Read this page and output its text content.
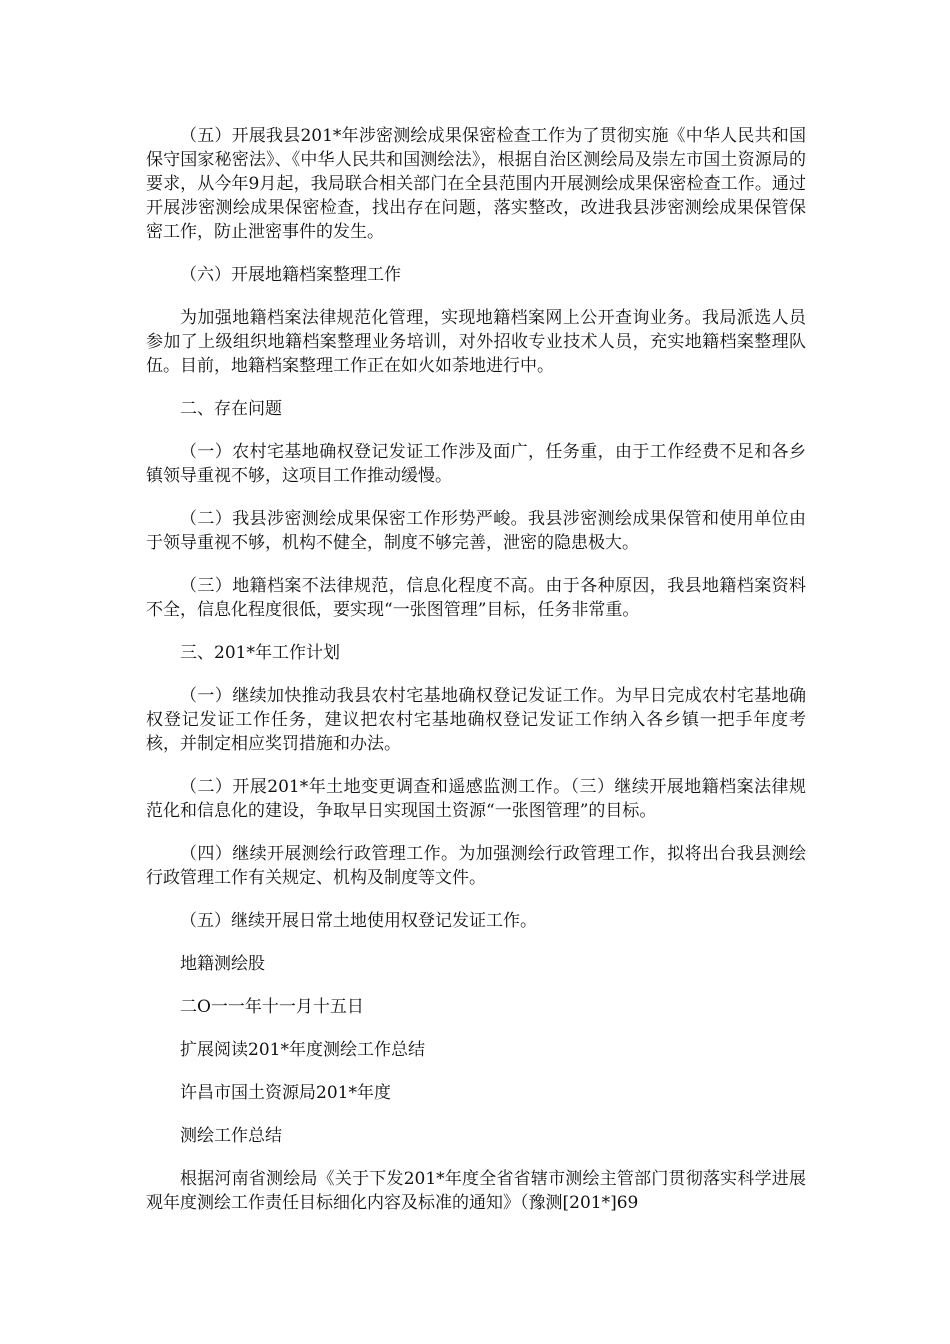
（五）开展我县201*年涉密测绘成果保密检查工作为了贯彻实施《中华人民共和国保守国家秘密法》、《中华人民共和国测绘法》，根据自治区测绘局及崇左市国土资源局的要求，从今年9月起，我局联合相关部门在全县范围内开展测绘成果保密检查工作。通过开展涉密测绘成果保密检查，找出存在问题，落实整改，改进我县涉密测绘成果保管保密工作，防止泄密事件的发生。

（六）开展地籍档案整理工作

为加强地籍档案法律规范化管理，实现地籍档案网上公开查询业务。我局派选人员参加了上级组织地籍档案整理业务培训，对外招收专业技术人员，充实地籍档案整理队伍。目前，地籍档案整理工作正在如火如荼地进行中。

二、存在问题

（一）农村宅基地确权登记发证工作涉及面广，任务重，由于工作经费不足和各乡镇领导重视不够，这项目工作推动缓慢。

（二）我县涉密测绘成果保密工作形势严峻。我县涉密测绘成果保管和使用单位由于领导重视不够，机构不健全，制度不够完善，泄密的隐患极大。

（三）地籍档案不法律规范，信息化程度不高。由于各种原因，我县地籍档案资料不全，信息化程度很低，要实现“一张图管理”目标，任务非常重。

三、201*年工作计划

（一）继续加快推动我县农村宅基地确权登记发证工作。为早日完成农村宅基地确权登记发证工作任务，建议把农村宅基地确权登记发证工作纳入各乡镇一把手年度考核，并制定相应奖罚措施和办法。

（二）开展201*年土地变更调查和遥感监测工作。（三）继续开展地籍档案法律规范化和信息化的建设，争取早日实现国土资源“一张图管理”的目标。

（四）继续开展测绘行政管理工作。为加强测绘行政管理工作，拟将出台我县测绘行政管理工作有关规定、机构及制度等文件。

（五）继续开展日常土地使用权登记发证工作。

地籍测绘股

二O一一年十一月十五日

扩展阅读201*年度测绘工作总结

许昌市国土资源局201*年度

测绘工作总结

根据河南省测绘局《关于下发201*年度全省省辖市测绘主管部门贯彻落实科学进展观年度测绘工作责任目标细化内容及标准的通知》（豫测[201*]69
